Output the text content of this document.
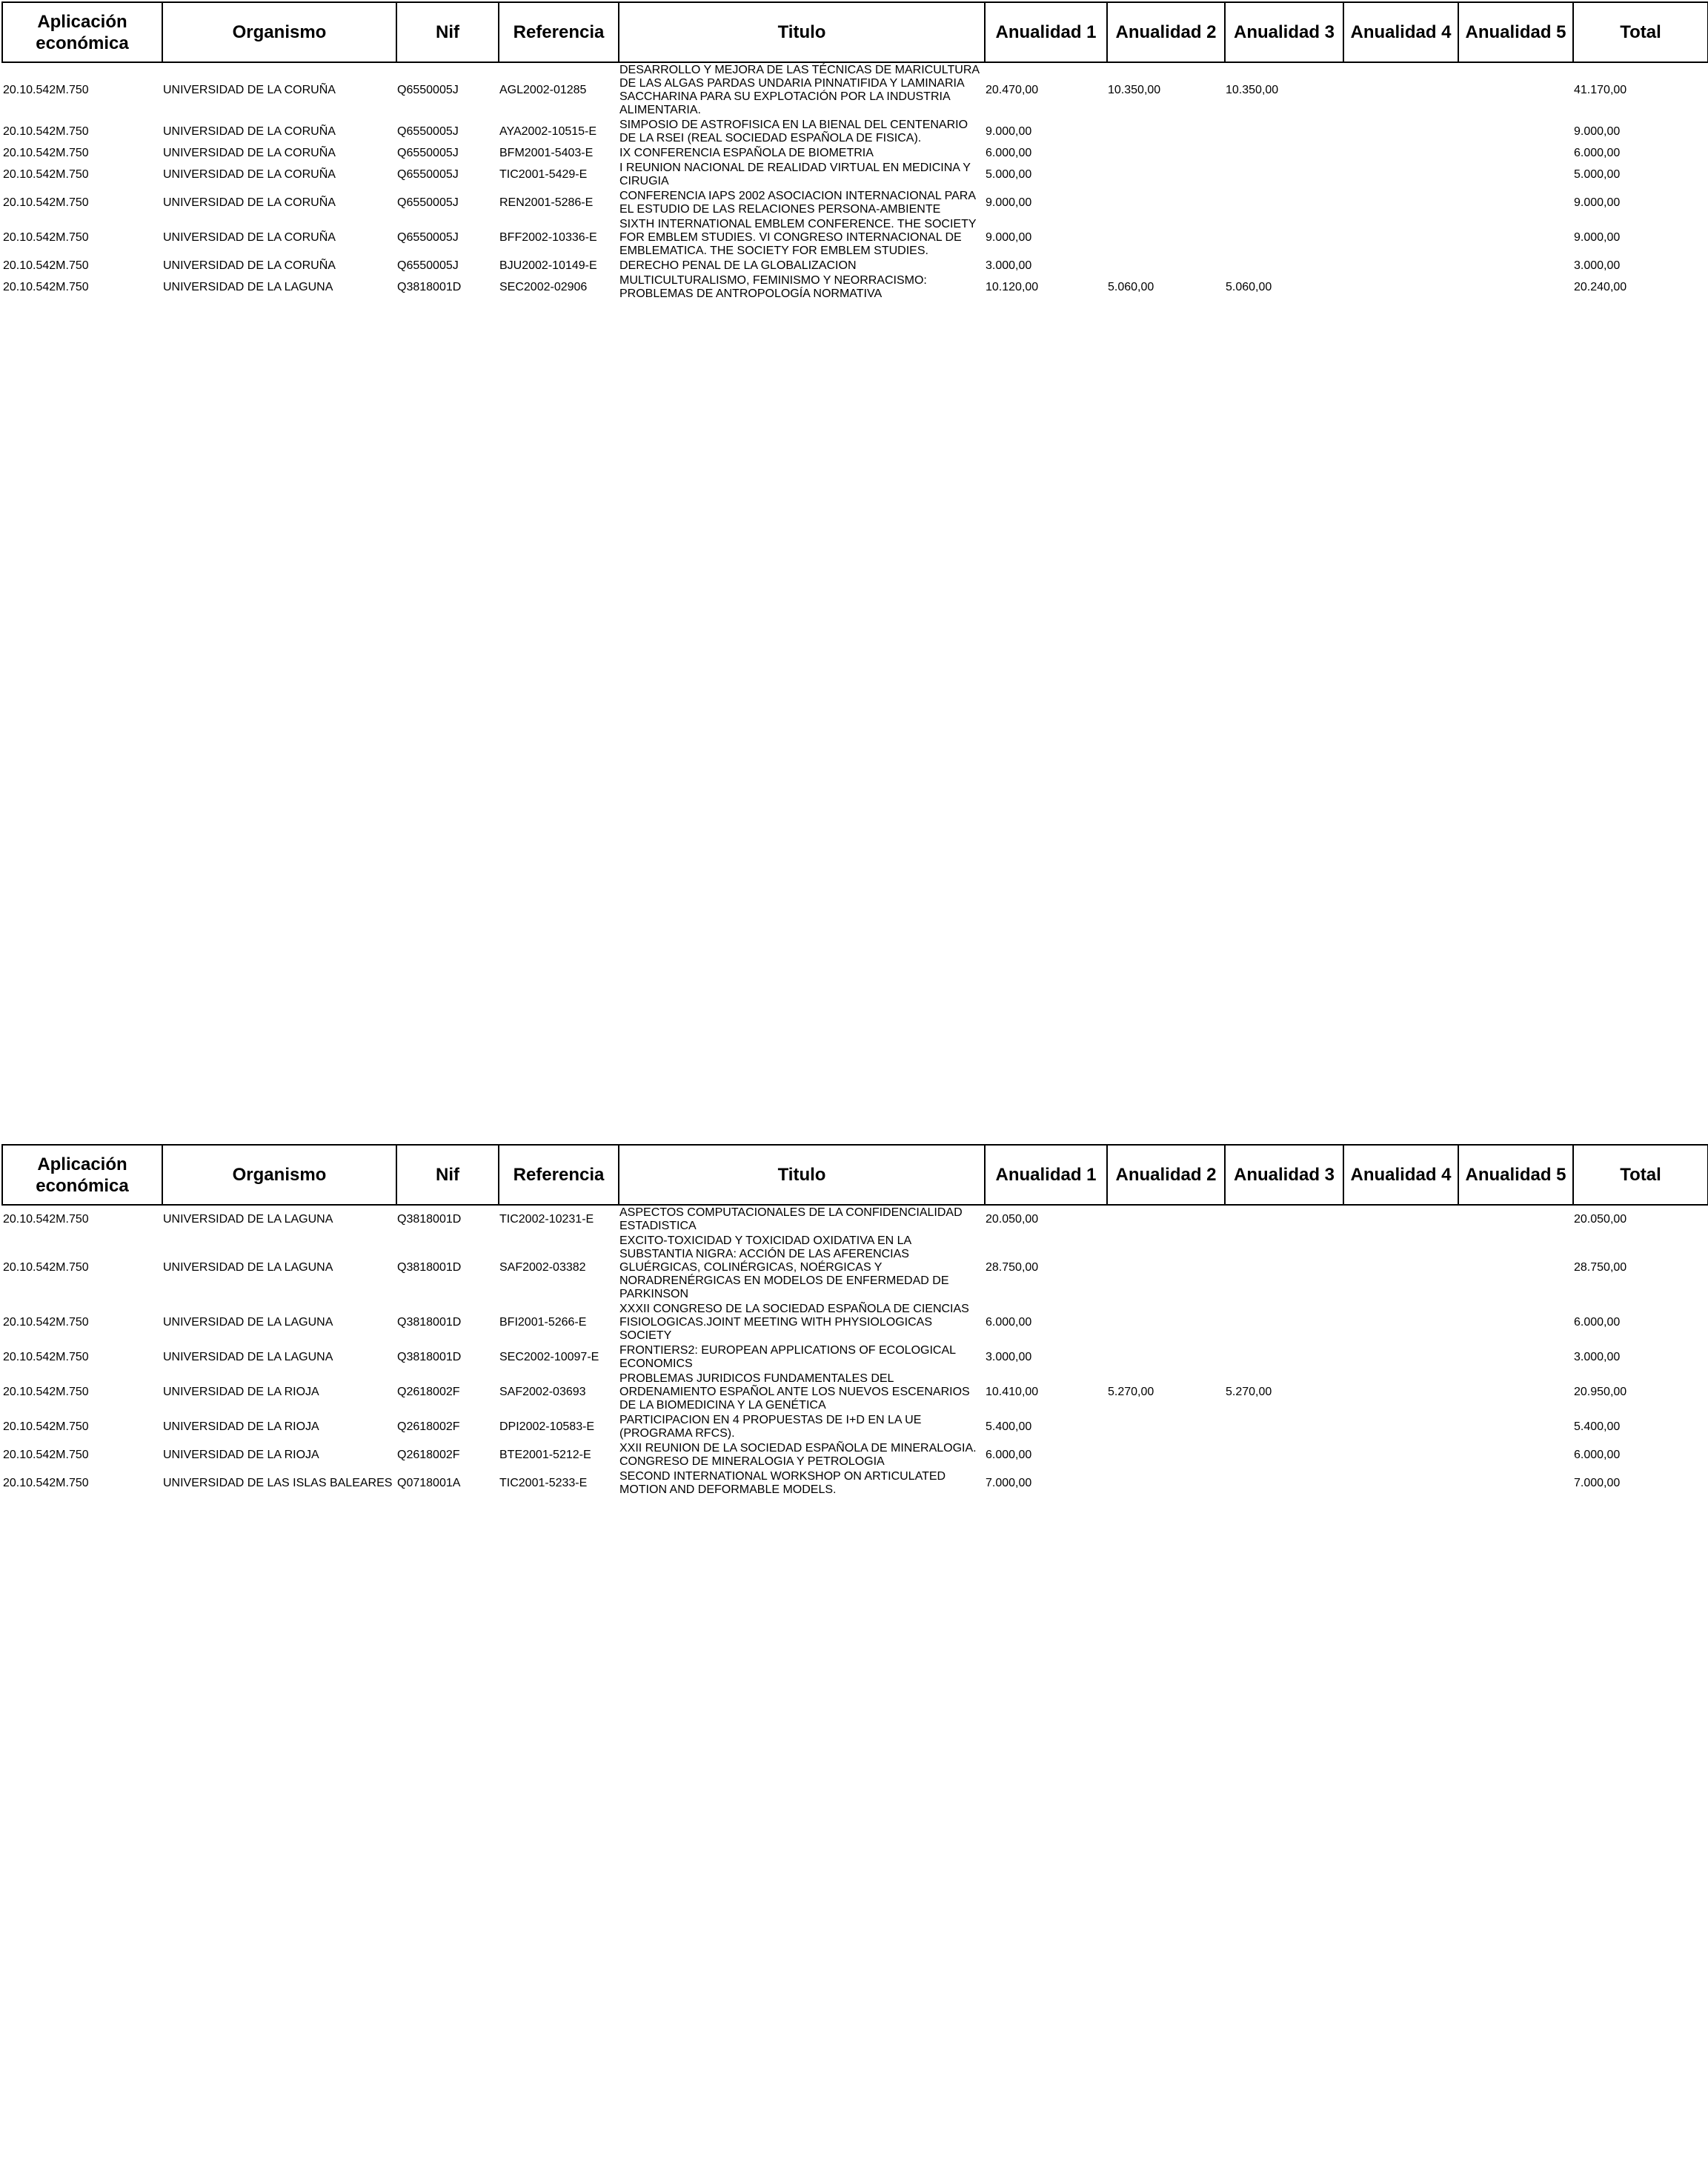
Aplicación económica	Organismo	Nif	Referencia	Titulo	Anualidad 1	Anualidad 2	Anualidad 3	Anualidad 4	Anualidad 5	Total
20.10.542M.750	UNIVERSIDAD DE LA CORUÑA	Q6550005J	AGL2002-01285	DESARROLLO Y MEJORA DE LAS TÉCNICAS DE MARICULTURA DE LAS ALGAS PARDAS UNDARIA PINNATIFIDA Y LAMINARIA SACCHARINA PARA SU EXPLOTACIÓN POR LA INDUSTRIA ALIMENTARIA.	20.470,00	10.350,00	10.350,00			41.170,00
20.10.542M.750	UNIVERSIDAD DE LA CORUÑA	Q6550005J	AYA2002-10515-E	SIMPOSIO DE ASTROFISICA EN LA BIENAL DEL CENTENARIO DE LA RSEI (REAL SOCIEDAD ESPAÑOLA DE FISICA).	9.000,00					9.000,00
20.10.542M.750	UNIVERSIDAD DE LA CORUÑA	Q6550005J	BFM2001-5403-E	IX CONFERENCIA ESPAÑOLA DE BIOMETRIA	6.000,00					6.000,00
20.10.542M.750	UNIVERSIDAD DE LA CORUÑA	Q6550005J	TIC2001-5429-E	I REUNION NACIONAL DE REALIDAD VIRTUAL EN MEDICINA Y CIRUGIA	5.000,00					5.000,00
20.10.542M.750	UNIVERSIDAD DE LA CORUÑA	Q6550005J	REN2001-5286-E	CONFERENCIA IAPS 2002 ASOCIACION INTERNACIONAL PARA EL ESTUDIO DE LAS RELACIONES PERSONA-AMBIENTE	9.000,00					9.000,00
20.10.542M.750	UNIVERSIDAD DE LA CORUÑA	Q6550005J	BFF2002-10336-E	SIXTH INTERNATIONAL EMBLEM CONFERENCE. THE SOCIETY FOR EMBLEM STUDIES. VI CONGRESO INTERNACIONAL DE EMBLEMATICA. THE SOCIETY FOR EMBLEM STUDIES.	9.000,00					9.000,00
20.10.542M.750	UNIVERSIDAD DE LA CORUÑA	Q6550005J	BJU2002-10149-E	DERECHO PENAL DE LA GLOBALIZACION	3.000,00					3.000,00
20.10.542M.750	UNIVERSIDAD DE LA LAGUNA	Q3818001D	SEC2002-02906	MULTICULTURALISMO, FEMINISMO Y NEORRACISMO: PROBLEMAS DE ANTROPOLOGÍA NORMATIVA	10.120,00	5.060,00	5.060,00			20.240,00
Aplicación económica	Organismo	Nif	Referencia	Titulo	Anualidad 1	Anualidad 2	Anualidad 3	Anualidad 4	Anualidad 5	Total
20.10.542M.750	UNIVERSIDAD DE LA LAGUNA	Q3818001D	TIC2002-10231-E	ASPECTOS COMPUTACIONALES DE LA CONFIDENCIALIDAD ESTADISTICA	20.050,00					20.050,00
20.10.542M.750	UNIVERSIDAD DE LA LAGUNA	Q3818001D	SAF2002-03382	EXCITO-TOXICIDAD Y TOXICIDAD OXIDATIVA EN LA SUBSTANTIA NIGRA: ACCIÓN DE LAS AFERENCIAS GLUÉRGICAS, COLINÉRGICAS, NOÉRGICAS Y NORADRENÉRGICAS EN MODELOS DE ENFERMEDAD DE PARKINSON	28.750,00					28.750,00
20.10.542M.750	UNIVERSIDAD DE LA LAGUNA	Q3818001D	BFI2001-5266-E	XXXII CONGRESO DE LA SOCIEDAD ESPAÑOLA DE CIENCIAS FISIOLOGICAS.JOINT MEETING WITH PHYSIOLOGICAS SOCIETY	6.000,00					6.000,00
20.10.542M.750	UNIVERSIDAD DE LA LAGUNA	Q3818001D	SEC2002-10097-E	FRONTIERS2: EUROPEAN APPLICATIONS OF ECOLOGICAL ECONOMICS	3.000,00					3.000,00
20.10.542M.750	UNIVERSIDAD DE LA RIOJA	Q2618002F	SAF2002-03693	PROBLEMAS JURIDICOS FUNDAMENTALES DEL ORDENAMIENTO ESPAÑOL ANTE LOS NUEVOS ESCENARIOS DE LA BIOMEDICINA Y LA GENÉTICA	10.410,00	5.270,00	5.270,00			20.950,00
20.10.542M.750	UNIVERSIDAD DE LA RIOJA	Q2618002F	DPI2002-10583-E	PARTICIPACION EN 4 PROPUESTAS DE I+D EN LA UE (PROGRAMA RFCS).	5.400,00					5.400,00
20.10.542M.750	UNIVERSIDAD DE LA RIOJA	Q2618002F	BTE2001-5212-E	XXII REUNION DE LA SOCIEDAD ESPAÑOLA DE MINERALOGIA. CONGRESO DE MINERALOGIA Y PETROLOGIA	6.000,00					6.000,00
20.10.542M.750	UNIVERSIDAD DE LAS ISLAS BALEARES	Q0718001A	TIC2001-5233-E	SECOND INTERNATIONAL WORKSHOP ON ARTICULATED MOTION AND DEFORMABLE MODELS.	7.000,00					7.000,00
